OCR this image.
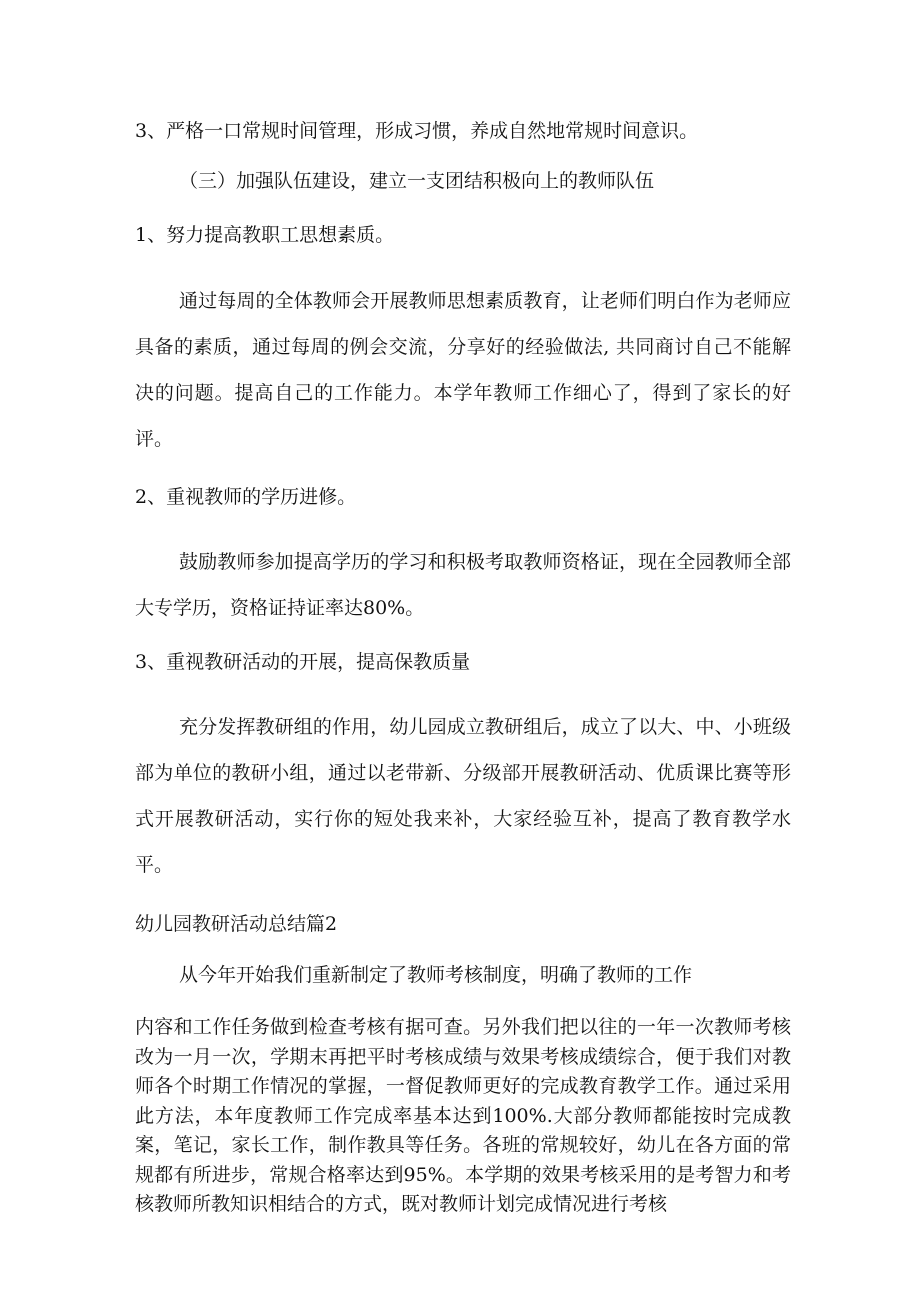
3、严格一口常规时间管理，形成习惯，养成自然地常规时间意识。
（三）加强队伍建设，建立一支团结积极向上的教师队伍
1、努力提高教职工思想素质。
通过每周的全体教师会开展教师思想素质教育，让老师们明白作为老师应具备的素质，通过每周的例会交流，分享好的经验做法, 共同商讨自己不能解决的问题。提高自己的工作能力。本学年教师工作细心了，得到了家长的好评。
2、重视教师的学历进修。
鼓励教师参加提高学历的学习和积极考取教师资格证，现在全园教师全部大专学历，资格证持证率达80%。
3、重视教研活动的开展，提高保教质量
充分发挥教研组的作用，幼儿园成立教研组后，成立了以大、中、小班级部为单位的教研小组，通过以老带新、分级部开展教研活动、优质课比赛等形式开展教研活动，实行你的短处我来补，大家经验互补，提高了教育教学水平。
幼儿园教研活动总结篇2
从今年开始我们重新制定了教师考核制度，明确了教师的工作
内容和工作任务做到检查考核有据可查。另外我们把以往的一年一次教师考核改为一月一次，学期末再把平时考核成绩与效果考核成绩综合，便于我们对教师各个时期工作情况的掌握，一督促教师更好的完成教育教学工作。通过采用此方法，本年度教师工作完成率基本达到100%.大部分教师都能按时完成教案，笔记，家长工作，制作教具等任务。各班的常规较好，幼儿在各方面的常规都有所进步，常规合格率达到95%。本学期的效果考核采用的是考智力和考核教师所教知识相结合的方式，既对教师计划完成情况进行考核
